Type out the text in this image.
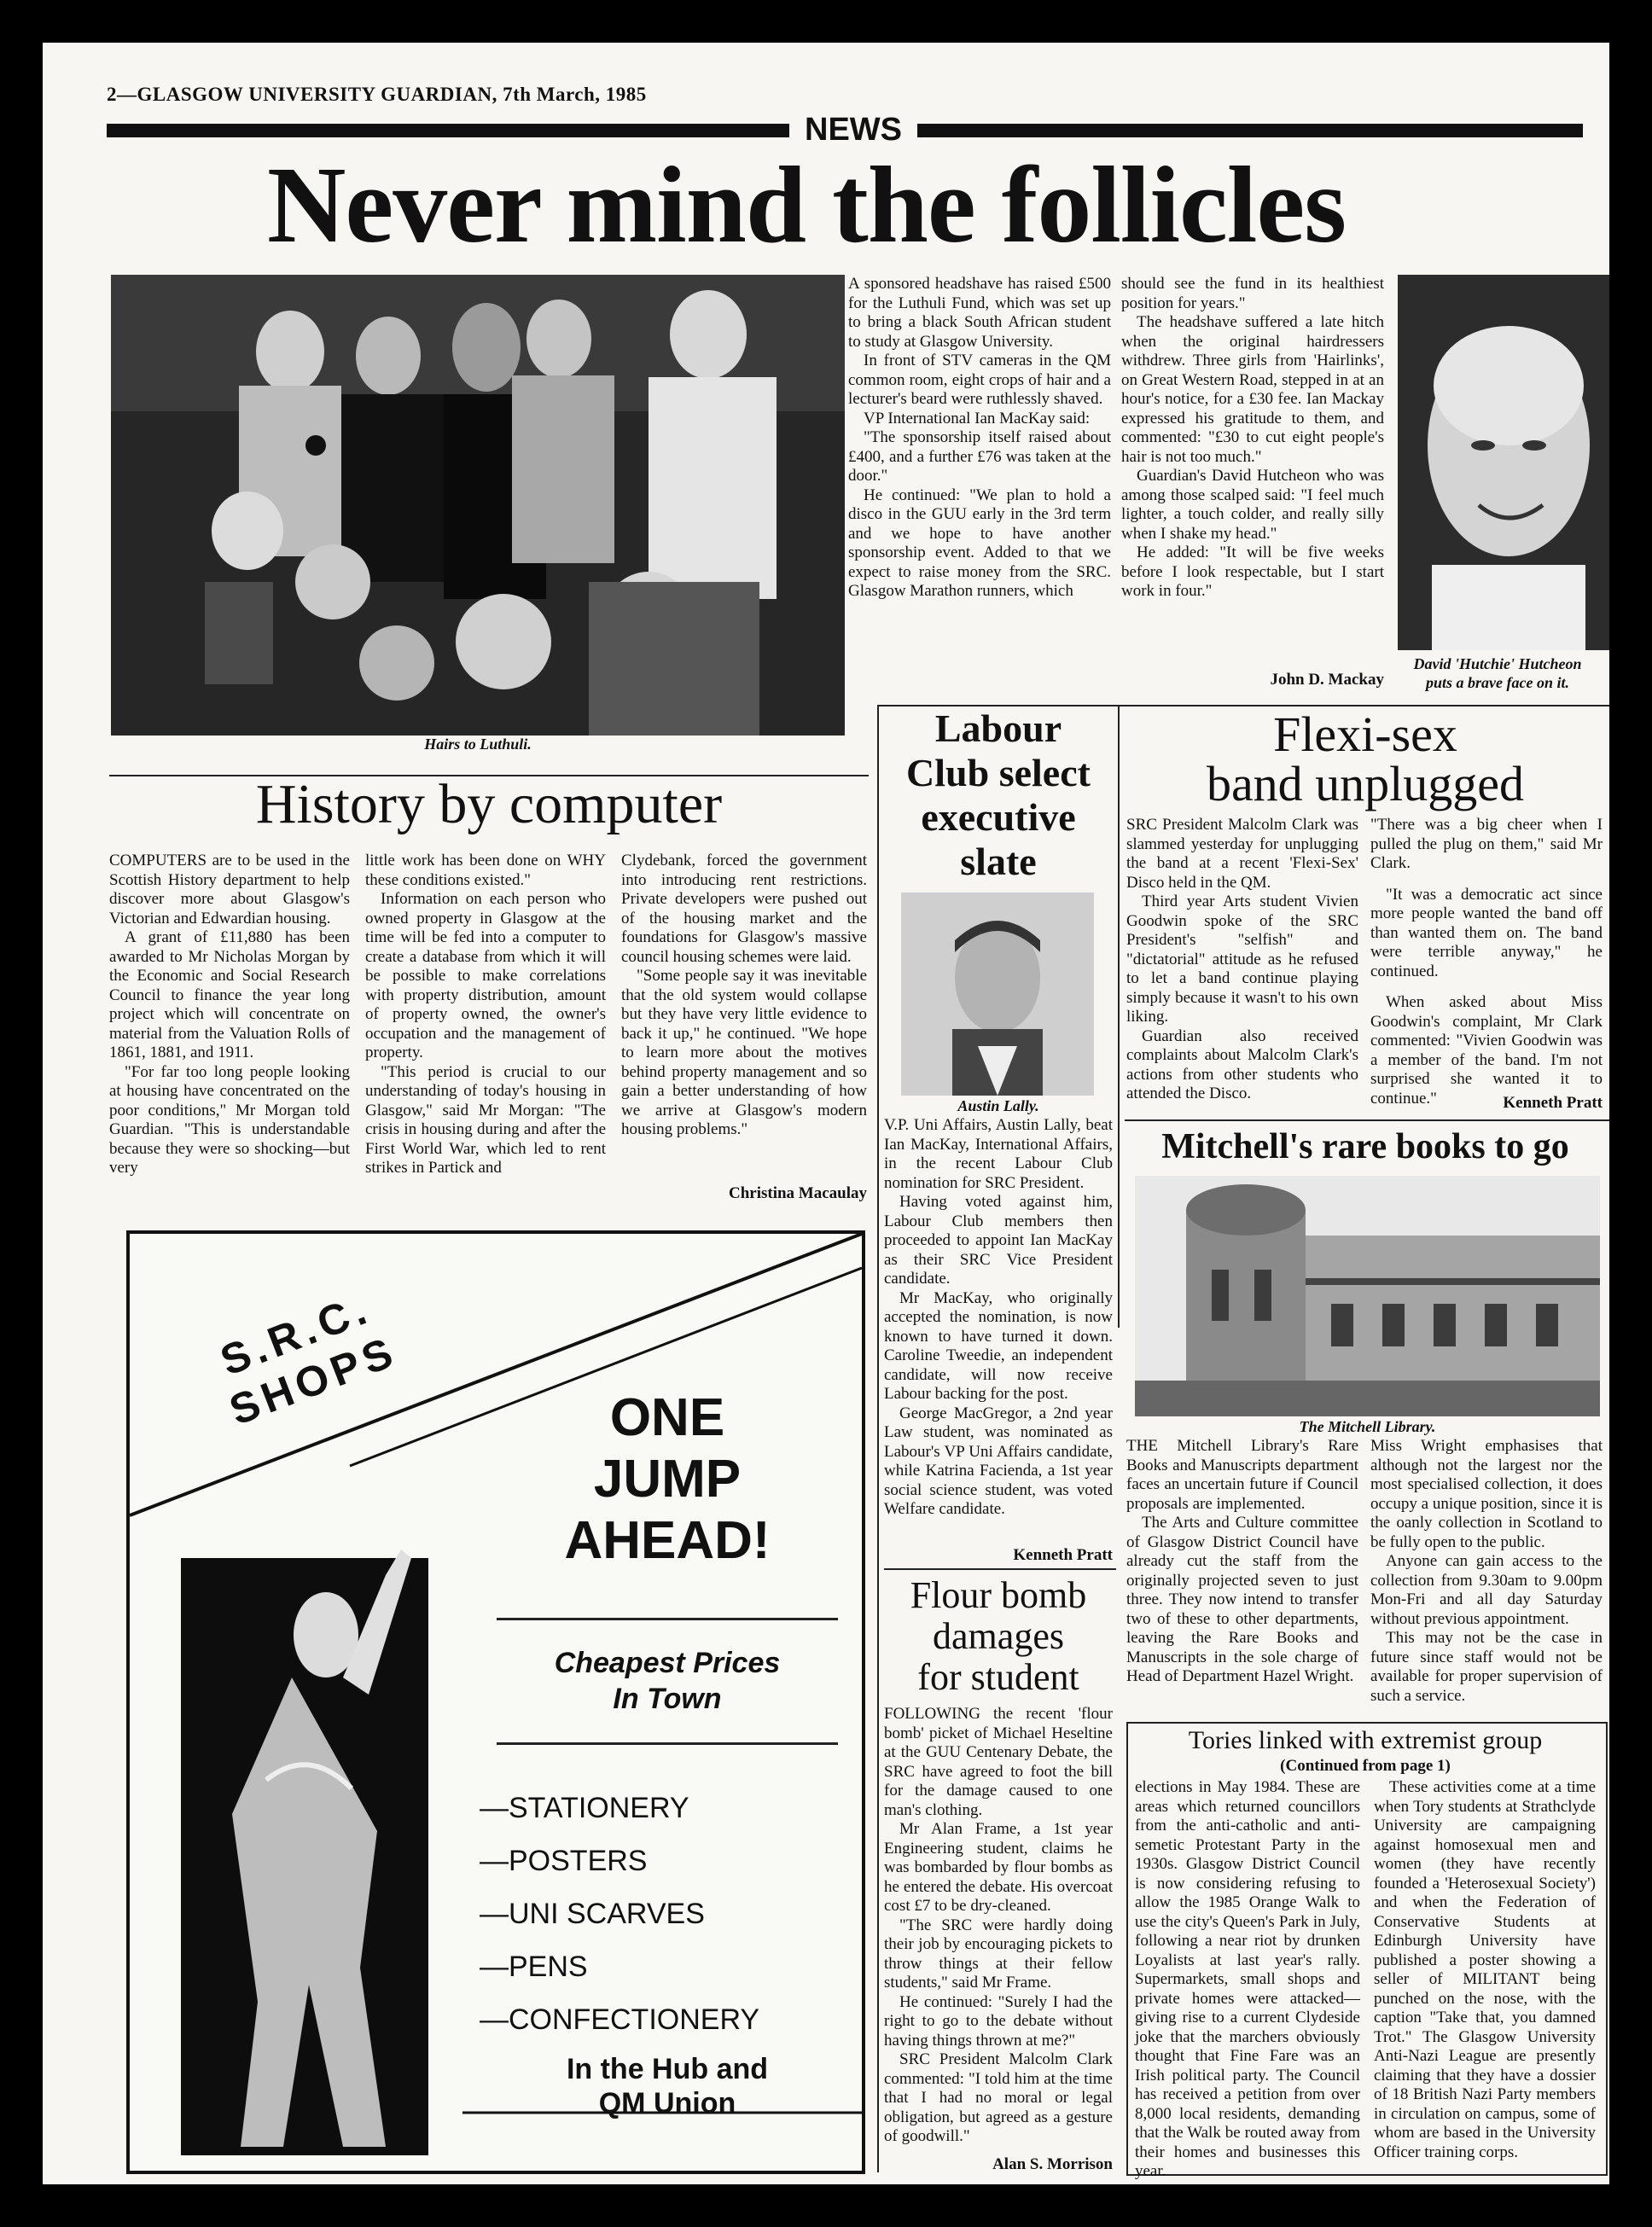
2—GLASGOW UNIVERSITY GUARDIAN, 7th March, 1985
NEWS
Never mind the follicles
Hairs to Luthuli.

A sponsored headshave has raised £500 for the Luthuli Fund, which was set up to bring a black South African student to study at Glasgow University.

In front of STV cameras in the QM common room, eight crops of hair and a lecturer's beard were ruthlessly shaved.

VP International Ian MacKay said:

"The sponsorship itself raised about £400, and a further £76 was taken at the door."

He continued: "We plan to hold a disco in the GUU early in the 3rd term and we hope to have another sponsorship event. Added to that we expect to raise money from the SRC. Glasgow Marathon runners, which

should see the fund in its healthiest position for years."

The headshave suffered a late hitch when the original hairdressers withdrew. Three girls from 'Hairlinks', on Great Western Road, stepped in at an hour's notice, for a £30 fee. Ian Mackay expressed his gratitude to them, and commented: "£30 to cut eight people's hair is not too much."

Guardian's David Hutcheon who was among those scalped said: "I feel much lighter, a touch colder, and really silly when I shake my head."

He added: "It will be five weeks before I look respectable, but I start work in four."

John D. Mackay
David 'Hutchie' Hutcheon
puts a brave face on it.
History by computer

COMPUTERS are to be used in the Scottish History department to help discover more about Glasgow's Victorian and Edwardian housing.

A grant of £11,880 has been awarded to Mr Nicholas Morgan by the Economic and Social Research Council to finance the year long project which will concentrate on material from the Valuation Rolls of 1861, 1881, and 1911.

"For far too long people looking at housing have concentrated on the poor conditions," Mr Morgan told Guardian. "This is understandable because they were so shocking—but very

little work has been done on WHY these conditions existed."

Information on each person who owned property in Glasgow at the time will be fed into a computer to create a database from which it will be possible to make correlations with property distribution, amount of property owned, the owner's occupation and the management of property.

"This period is crucial to our understanding of today's housing in Glasgow," said Mr Morgan: "The crisis in housing during and after the First World War, which led to rent strikes in Partick and

Clydebank, forced the government into introducing rent restrictions. Private developers were pushed out of the housing market and the foundations for Glasgow's massive council housing schemes were laid.

"Some people say it was inevitable that the old system would collapse but they have very little evidence to back it up," he continued. "We hope to learn more about the motives behind property management and so gain a better understanding of how we arrive at Glasgow's modern housing problems."

Christina Macaulay
S.R.C. SHOPS	ONE
JUMP
AHEAD!
Cheapest Prices
In Town
—STATIONERY
—POSTERS
—UNI SCARVES
—PENS
—CONFECTIONERY
In the Hub and
QM Union
Labour
Club select
executive
slate
Austin Lally.

V.P. Uni Affairs, Austin Lally, beat Ian MacKay, International Affairs, in the recent Labour Club nomination for SRC President.

Having voted against him, Labour Club members then proceeded to appoint Ian MacKay as their SRC Vice President candidate.

Mr MacKay, who originally accepted the nomination, is now known to have turned it down. Caroline Tweedie, an independent candidate, will now receive Labour backing for the post.

George MacGregor, a 2nd year Law student, was nominated as Labour's VP Uni Affairs candidate, while Katrina Facienda, a 1st year social science student, was voted Welfare candidate.

Kenneth Pratt
Flour bomb
damages
for student

FOLLOWING the recent 'flour bomb' picket of Michael Heseltine at the GUU Centenary Debate, the SRC have agreed to foot the bill for the damage caused to one man's clothing.

Mr Alan Frame, a 1st year Engineering student, claims he was bombarded by flour bombs as he entered the debate. His overcoat cost £7 to be dry-cleaned.

"The SRC were hardly doing their job by encouraging pickets to throw things at their fellow students," said Mr Frame.

He continued: "Surely I had the right to go to the debate without having things thrown at me?"

SRC President Malcolm Clark commented: "I told him at the time that I had no moral or legal obligation, but agreed as a gesture of goodwill."

Alan S. Morrison
Flexi-sex
band unplugged

SRC President Malcolm Clark was slammed yesterday for unplugging the band at a recent 'Flexi-Sex' Disco held in the QM.

Third year Arts student Vivien Goodwin spoke of the SRC President's "selfish" and "dictatorial" attitude as he refused to let a band continue playing simply because it wasn't to his own liking.

Guardian also received complaints about Malcolm Clark's actions from other students who attended the Disco.

"There was a big cheer when I pulled the plug on them," said Mr Clark.

"It was a democratic act since more people wanted the band off than wanted them on. The band were terrible anyway," he continued.

When asked about Miss Goodwin's complaint, Mr Clark commented: "Vivien Goodwin was a member of the band. I'm not surprised she wanted it to continue."	Kenneth Pratt
Mitchell's rare books to go
The Mitchell Library.

THE Mitchell Library's Rare Books and Manuscripts department faces an uncertain future if Council proposals are implemented.

The Arts and Culture committee of Glasgow District Council have already cut the staff from the originally projected seven to just three. They now intend to transfer two of these to other departments, leaving the Rare Books and Manuscripts in the sole charge of Head of Department Hazel Wright.

Miss Wright emphasises that although not the largest nor the most specialised collection, it does occupy a unique position, since it is the oanly collection in Scotland to be fully open to the public.

Anyone can gain access to the collection from 9.30am to 9.00pm Mon-Fri and all day Saturday without previous appointment.

This may not be the case in future since staff would not be available for proper supervision of such a service.

Tories linked with extremist group
(Continued from page 1)

elections in May 1984. These are areas which returned councillors from the anti-catholic and anti-semetic Protestant Party in the 1930s. Glasgow District Council is now considering refusing to allow the 1985 Orange Walk to use the city's Queen's Park in July, following a near riot by drunken Loyalists at last year's rally. Supermarkets, small shops and private homes were attacked—giving rise to a current Clydeside joke that the marchers obviously thought that Fine Fare was an Irish political party. The Council has received a petition from over 8,000 local residents, demanding that the Walk be routed away from their homes and businesses this year.

These activities come at a time when Tory students at Strathclyde University are campaigning against homosexual men and women (they have recently founded a 'Heterosexual Society') and when the Federation of Conservative Students at Edinburgh University have published a poster showing a seller of MILITANT being punched on the nose, with the caption "Take that, you damned Trot." The Glasgow University Anti-Nazi League are presently claiming that they have a dossier of 18 British Nazi Party members in circulation on campus, some of whom are based in the University Officer training corps.
